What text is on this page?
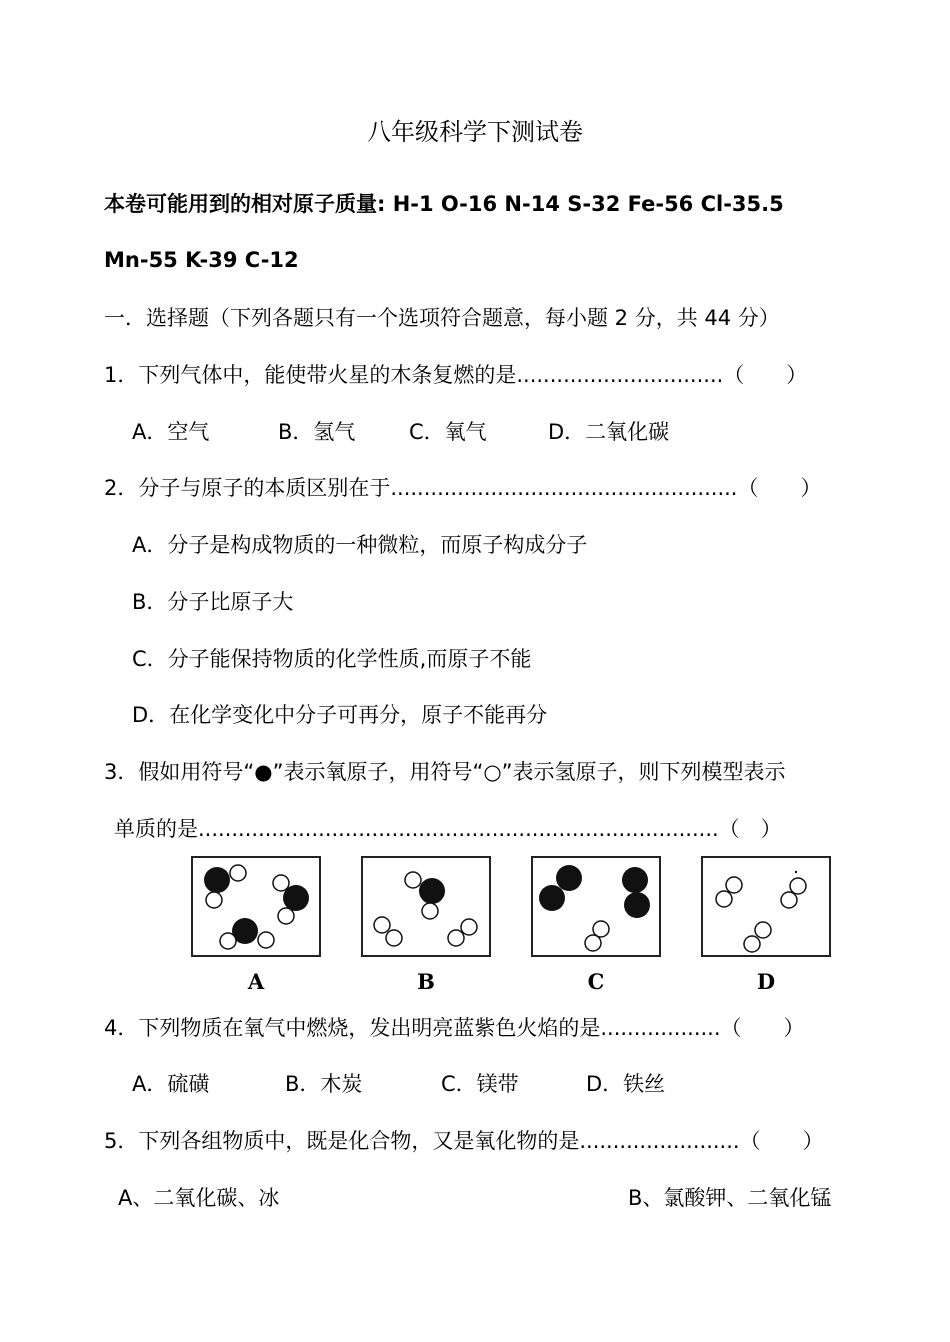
八年级科学下测试卷
本卷可能用到的相对原子质量: H-1 O-16 N-14 S-32 Fe-56 Cl-35.5
Mn-55 K-39 C-12
一．选择题（下列各题只有一个选项符合题意，每小题 2 分，共 44 分）
1．下列气体中，能使带火星的木条复燃的是...............................（　　）
A．空气	B．氢气	C．氧气	D．二氧化碳
2．分子与原子的本质区别在于....................................................（　　）
A．分子是构成物质的一种微粒，而原子构成分子
B．分子比原子大
C．分子能保持物质的化学性质,而原子不能
D．在化学变化中分子可再分，原子不能再分
3．假如用符号“●”表示氧原子，用符号“○”表示氢原子，则下列模型表示
单质的是..............................................................................（　）
A	B	C	D
4．下列物质在氧气中燃烧，发出明亮蓝紫色火焰的是..................（　　）
A．硫磺	B．木炭	C．镁带	D．铁丝
5．下列各组物质中，既是化合物，又是氧化物的是........................（　　）
A、二氧化碳、冰	B、氯酸钾、二氧化锰
